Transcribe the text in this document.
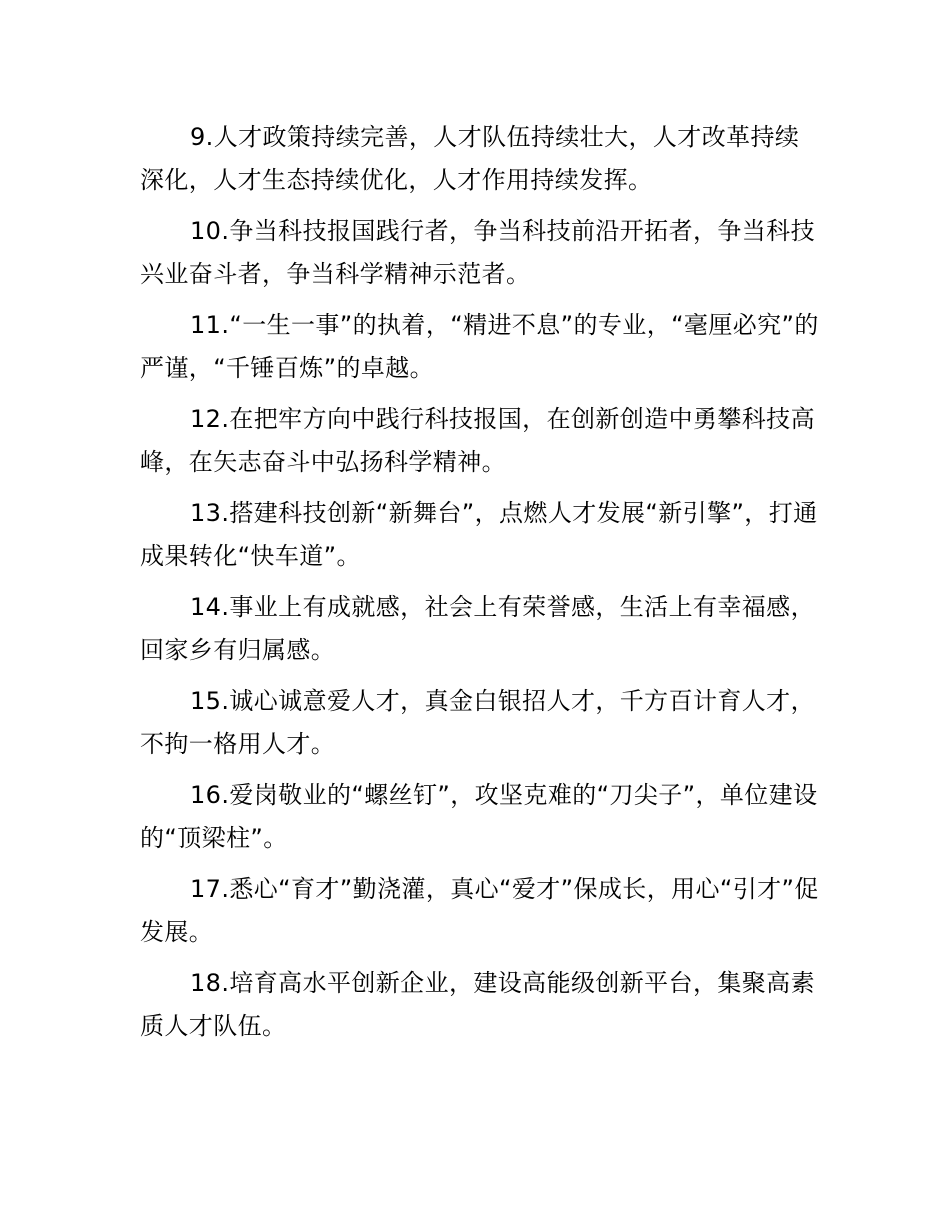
9.人才政策持续完善，人才队伍持续壮大，人才改革持续深化，人才生态持续优化，人才作用持续发挥。

10.争当科技报国践行者，争当科技前沿开拓者，争当科技兴业奋斗者，争当科学精神示范者。

11.“一生一事”的执着，“精进不息”的专业，“毫厘必究”的严谨，“千锤百炼”的卓越。

12.在把牢方向中践行科技报国，在创新创造中勇攀科技高峰，在矢志奋斗中弘扬科学精神。

13.搭建科技创新“新舞台”，点燃人才发展“新引擎”，打通成果转化“快车道”。

14.事业上有成就感，社会上有荣誉感，生活上有幸福感，回家乡有归属感。

15.诚心诚意爱人才，真金白银招人才，千方百计育人才，不拘一格用人才。

16.爱岗敬业的“螺丝钉”，攻坚克难的“刀尖子”，单位建设的“顶梁柱”。

17.悉心“育才”勤浇灌，真心“爱才”保成长，用心“引才”促发展。

18.培育高水平创新企业，建设高能级创新平台，集聚高素质人才队伍。
